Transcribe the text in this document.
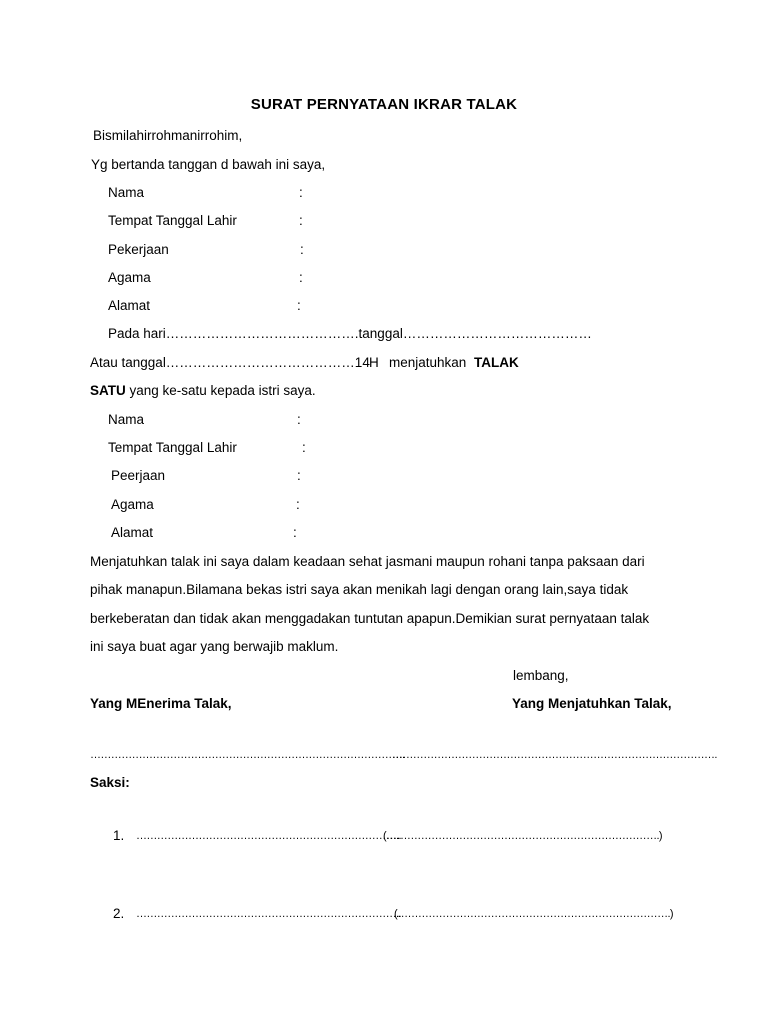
SURAT PERNYATAAN IKRAR TALAK
Bismilahirrohmanirrohim,
Yg bertanda tanggan d bawah ini saya,
Nama	:
Tempat Tanggal Lahir	:
Pekerjaan	:
Agama	:
Alamat	:
Pada hari…………………………………….tanggal……………………………………
Atau tanggal……………………………………14 H menjatuhkan TALAK
SATU yang ke-satu kepada istri saya.
Nama	:
Tempat Tanggal Lahir	:
Peerjaan	:
Agama	:
Alamat	:
Menjatuhkan talak ini saya dalam keadaan sehat jasmani maupun rohani tanpa paksaan dari
pihak manapun.Bilamana bekas istri saya akan menikah lagi dengan orang lain,saya tidak
berkeberatan dan tidak akan menggadakan tuntutan apapun.Demikian surat pernyataan talak
ini saya buat agar yang berwajib maklum.
lembang,
Yang MEnerima Talak,	Yang Menjatuhkan Talak,
……………………………………………………………………………….
………………………………………………………………………………….
Saksi:
1. …………………………………………………………………..
(…………………………………………………………………….)
2. …………………………………………………………………..
(…………………………………………………………………….)
